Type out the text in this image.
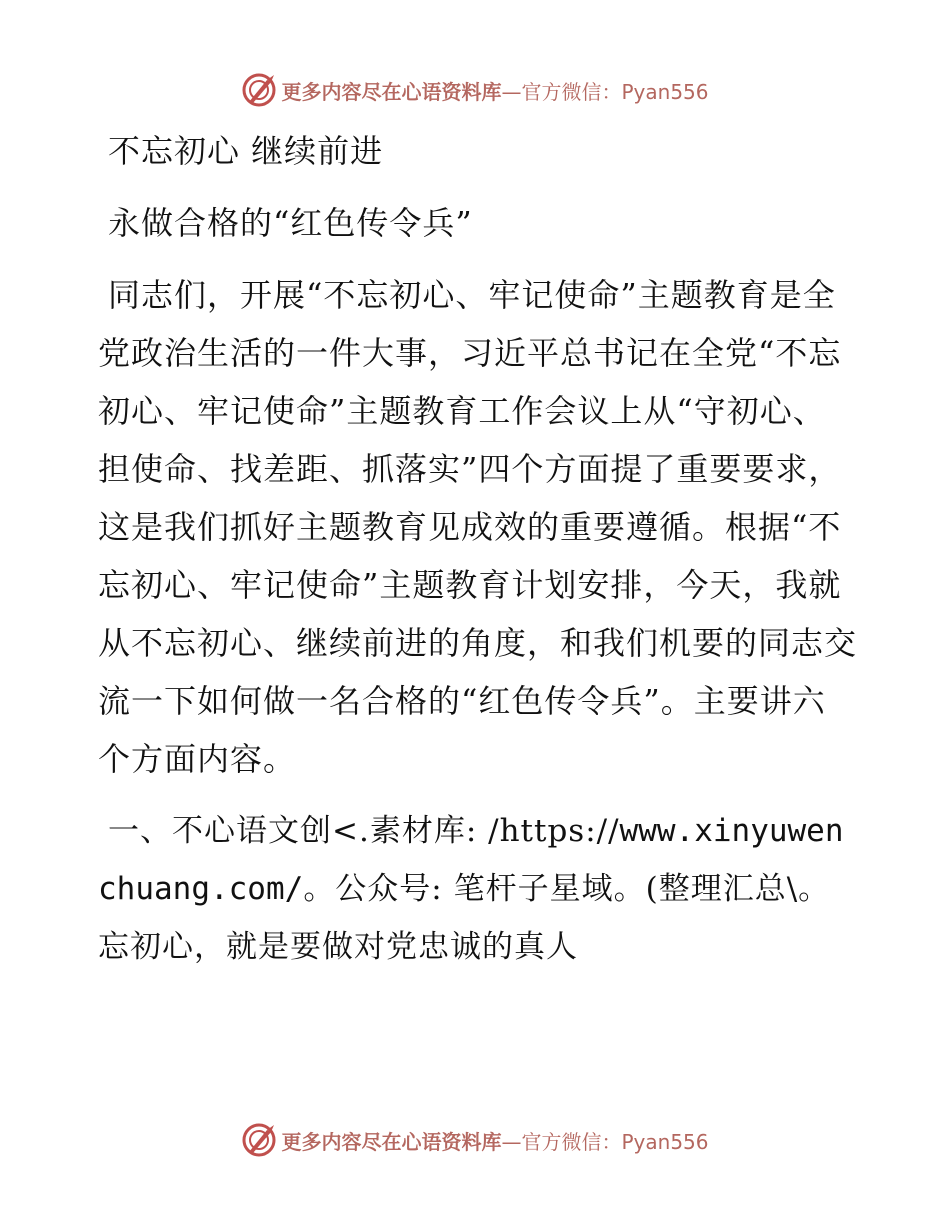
更多内容尽在心语资料库—官方微信：Pyan556

不忘初心 继续前进

永做合格的“红色传令兵”

同志们，开展“不忘初心、牢记使命”主题教育是全党政治生活的一件大事，习近平总书记在全党“不忘初心、牢记使命”主题教育工作会议上从“守初心、担使命、找差距、抓落实”四个方面提了重要要求，这是我们抓好主题教育见成效的重要遵循。根据“不忘初心、牢记使命”主题教育计划安排，今天，我就从不忘初心、继续前进的角度，和我们机要的同志交流一下如何做一名合格的“红色传令兵”。主要讲六个方面内容。

一、不心语文创<.素材库: /https://www.xinyuwenchuang.com/。公众号: 笔杆子星域。(整理汇总\。忘初心，就是要做对党忠诚的真人

更多内容尽在心语资料库—官方微信：Pyan556
